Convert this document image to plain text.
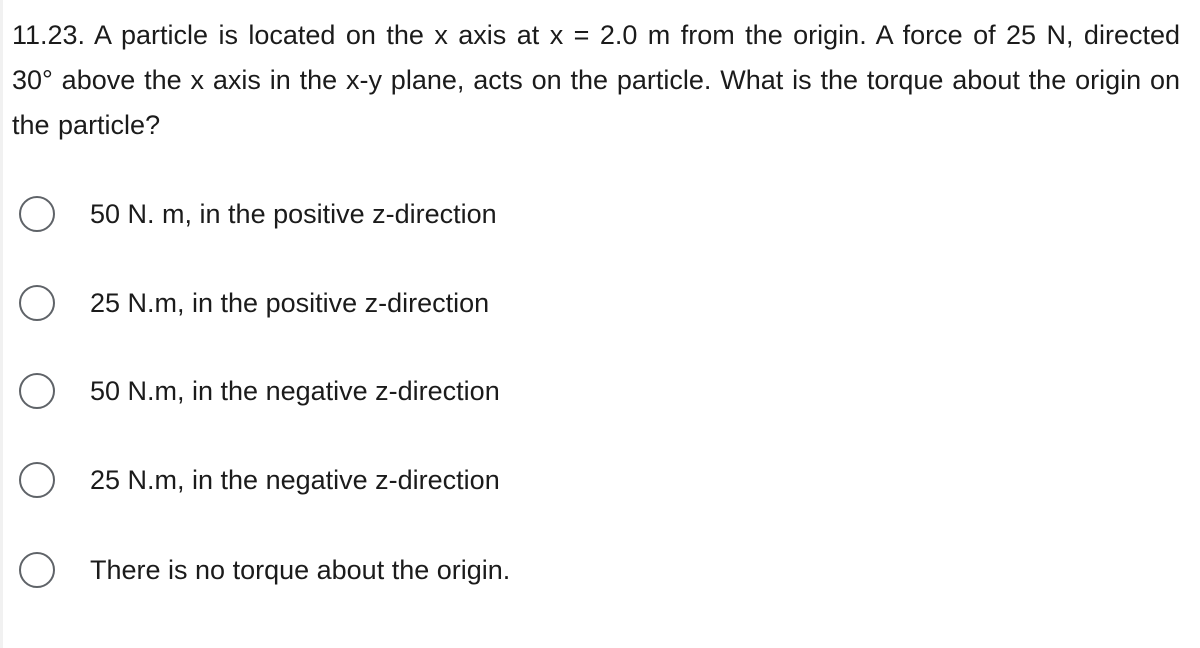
11.23. A particle is located on the x axis at x = 2.0 m from the origin. A force of 25 N, directed 30° above the x axis in the x-y plane, acts on the particle. What is the torque about the origin on the particle?

50 N. m, in the positive z-direction
25 N.m, in the positive z-direction
50 N.m, in the negative z-direction
25 N.m, in the negative z-direction
There is no torque about the origin.
